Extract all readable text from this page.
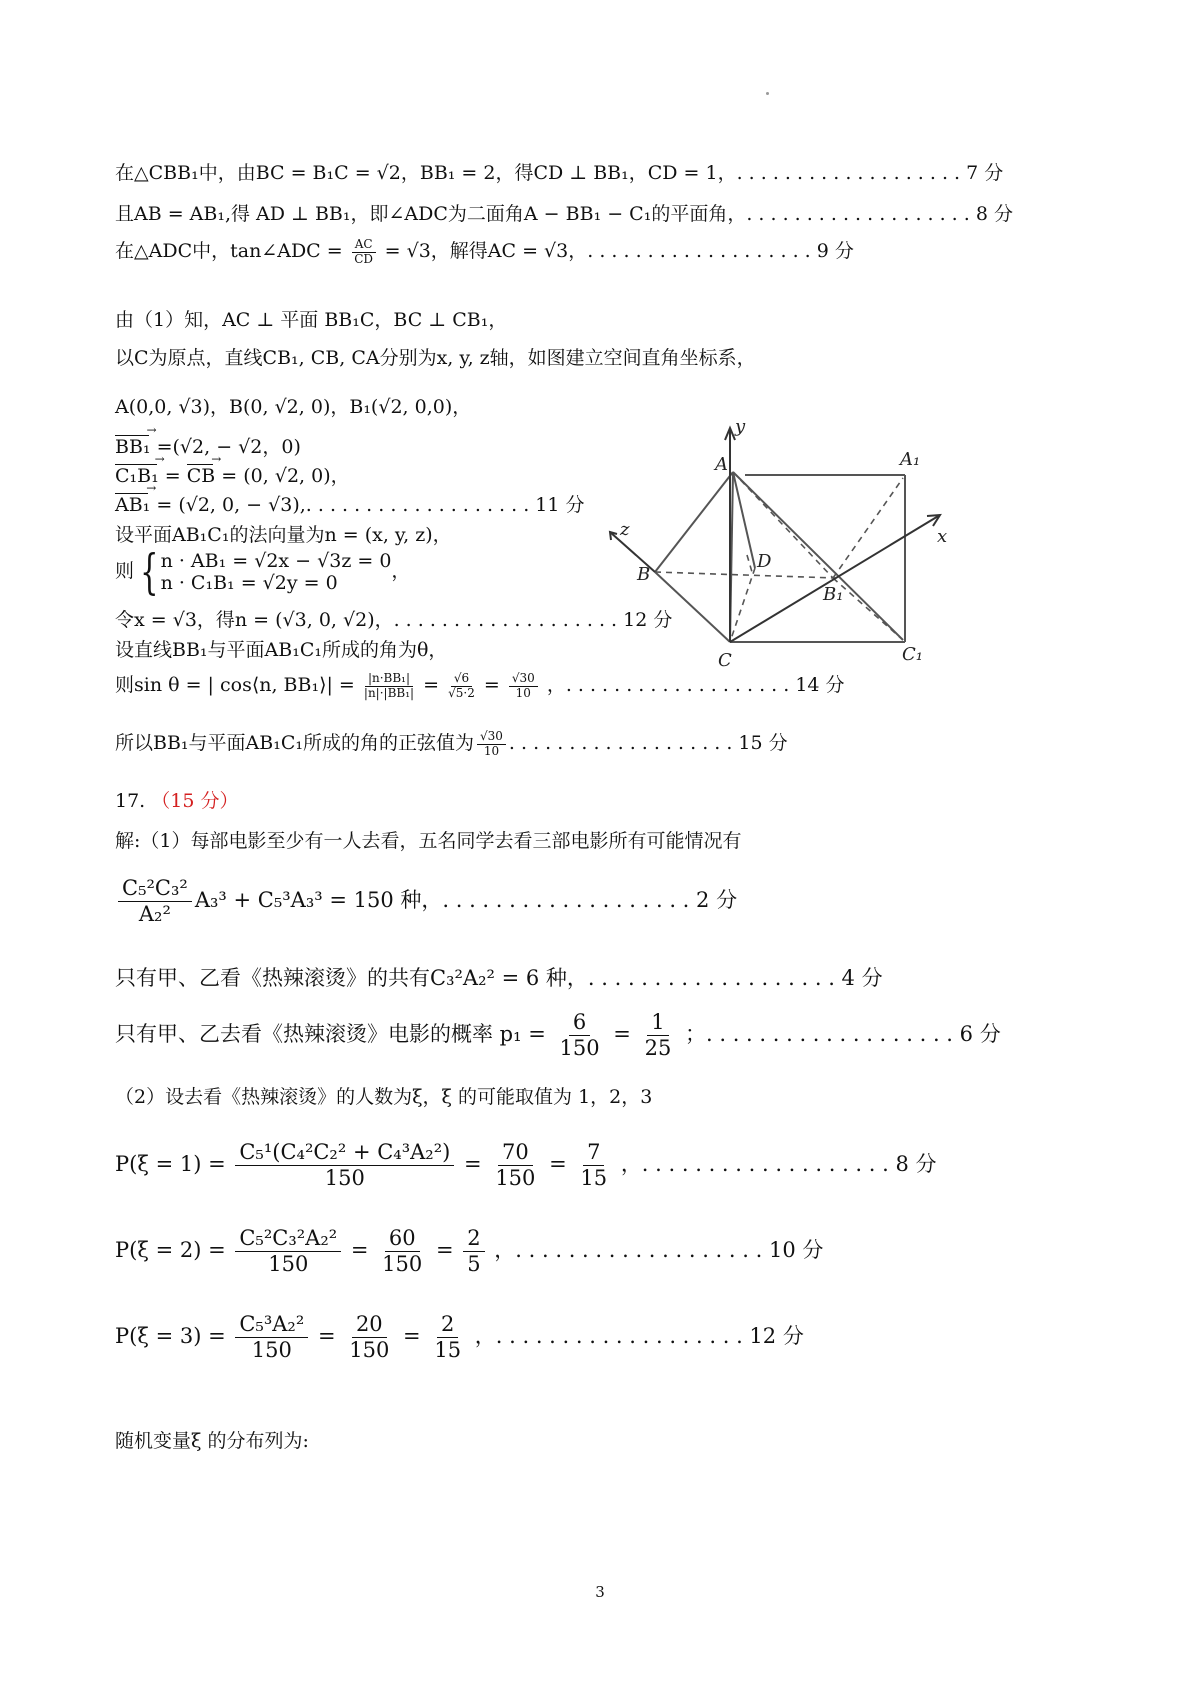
在△CBB₁中，由BC = B₁C = √2，BB₁ = 2，得CD ⊥ BB₁，CD = 1，. . . . . . . . . . . . . . . . . . . 7 分
且AB = AB₁,得 AD ⊥ BB₁，即∠ADC为二面角A − BB₁ − C₁的平面角，. . . . . . . . . . . . . . . . . . . 8 分
在△ADC中，tan∠ADC = $\frac{AC}{CD} = √3$，解得AC = √3，. . . . . . . . . . . . . . . . . . . 9 分
由（1）知，AC ⊥ 平面 BB₁C，BC ⊥ CB₁，
以C为原点，直线CB₁, CB, CA分别为x, y, z轴，如图建立空间直角坐标系，
A(0,0, √3)，B(0, √2, 0)，B₁(√2, 0,0)，
BB₁ → =(√2, − √2，0)
C₁B₁ → = CB → = (0, √2, 0)，
AB₁ → = (√2, 0, − √3),. . . . . . . . . . . . . . . . . . . 11 分
设平面AB₁C₁的法向量为n = (x, y, z)，
则 { n · AB₁ = √2x − √3z = 0
n · C₁B₁ = √2y = 0
，
令x = √3，得n = (√3, 0, √2)，. . . . . . . . . . . . . . . . . . . 12 分
设直线BB₁与平面AB₁C₁所成的角为θ，
则sin θ = | cos⟨n, BB₁⟩| = $\frac{\text{|n·BB₁|}}{\text{|n|·|BB₁|}} = \frac{√6}{√5\cdot 2} = \frac{√30}{10}$ ，. . . . . . . . . . . . . . . . . . . 14 分
所以BB₁与平面AB₁C₁所成的角的正弦值为 $\frac{√30}{10}$ . . . . . . . . . . . . . . . . . . . 15 分
17. （15 分）
解:（1）每部电影至少有一人去看，五名同学去看三部电影所有可能情况有
$\frac{\text{C₅²C₃²}}{\text{A₂²}} A_3^3 + C_5^3A_3^3 = 150$ 种，. . . . . . . . . . . . . . . . . . . 2 分
只有甲、乙看《热辣滚烫》的共有C₃²A₂² = 6 种，. . . . . . . . . . . . . . . . . . . 4 分
只有甲、乙去看《热辣滚烫》电影的概率 $p_1 = \frac{6}{150} = \frac{1}{25}$ ；. . . . . . . . . . . . . . . . . . . 6 分
（2）设去看《热辣滚烫》的人数为ξ，ξ 的可能取值为 1，2，3
$P(\xi = 1) = \frac{\text{C₅¹(C₄²C₂² + C₄³A₂²)}}{150} = \frac{70}{150} = \frac{7}{15}$ ，. . . . . . . . . . . . . . . . . . . 8 分
$P(\xi = 2) = \frac{\text{C₅²C₃²A₂²}}{150} = \frac{60}{150} = \frac{2}{5}$ ，. . . . . . . . . . . . . . . . . . . 10 分
$P(\xi = 3) = \frac{\text{C₅³A₂²}}{150} = \frac{20}{150} = \frac{2}{15}$ ，. . . . . . . . . . . . . . . . . . . 12 分
随机变量ξ 的分布列为:
y
x
z
A	A₁
B
B₁
C	C₁
D
3
